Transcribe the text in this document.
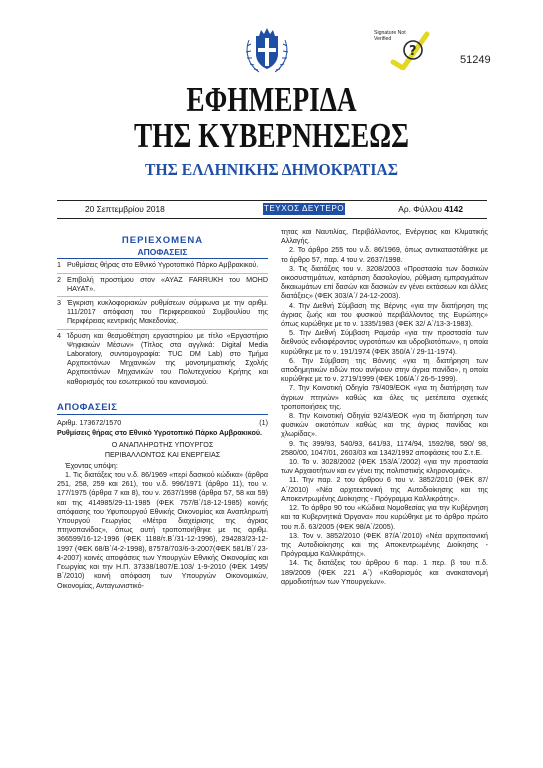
?
Signature Not
Verified
51249
ΕΦΗΜΕΡΙΔΑ
ΤΗΣ ΚΥΒΕΡΝΗΣΕΩΣ
ΤΗΣ ΕΛΛΗΝΙΚΗΣ ΔΗΜΟΚΡΑΤΙΑΣ
20 Σεπτεμβρίου 2018	ΤΕΥΧΟΣ ΔΕΥΤΕΡΟ	Αρ. Φύλλου 4142
ΠΕΡΙΕΧΟΜΕΝΑ
ΑΠΟΦΑΣΕΙΣ
1 Ρυθμίσεις θήρας στο Εθνικό Υγροτοπικό Πάρκο Αμβρακικού.
2 Επιβολή προστίμου στον «AYAZ FARRUKH του MOHD HAYAT».
3 Έγκριση κυκλοφοριακών ρυθμίσεων σύμφωνα με την αριθμ. 111/2017 απόφαση του Περιφερειακού Συμβουλίου της Περιφέρειας κεντρικής Μακεδονίας.
4 Ίδρυση και θεσμοθέτηση εργαστηρίου με τίτλο «Εργαστήριο Ψηφιακών Μέσων» (Τίτλος στα αγγλικά: Digital Media Laboratory, συντομογραφία: TUC DM Lab) στο Τμήμα Αρχιτεκτόνων Μηχανικών της μονοτμηματικής Σχολής Αρχιτεκτόνων Μηχανικών του Πολυτεχνείου Κρήτης και καθορισμός του εσωτερικού του κανονισμού.
ΑΠΟΦΑΣΕΙΣ
Αριθμ. 173672/1570	(1)
Ρυθμίσεις θήρας στο Εθνικό Υγροτοπικό Πάρκο Αμβρακικού.
Ο ΑΝΑΠΛΗΡΩΤΗΣ ΥΠΟΥΡΓΟΣ
ΠΕΡΙΒΑΛΛΟΝΤΟΣ ΚΑΙ ΕΝΕΡΓΕΙΑΣ
Έχοντας υπόψη:
1. Τις διατάξεις του ν.δ. 86/1969 «περί δασικού κώδικα» (άρθρα 251, 258, 259 και 261), του ν.δ. 996/1971 (άρθρο 11), του ν. 177/1975 (άρθρα 7 και 8), του ν. 2637/1998 (άρθρα 57, 58 και 59) και της 414985/29-11-1985 (ΦΕΚ 757/Β΄/18-12-1985) κοινής απόφασης του Υφυπουργού Εθνικής Οικονομίας και Αναπληρωτή Υπουργού Γεωργίας «Μέτρα διαχείρισης της άγριας πτηνοπανίδας», όπως αυτή τροποποιήθηκε με τις αριθμ. 366599/16-12-1996 (ΦΕΚ 1188/τ.Β΄/31-12-1996), 294283/23-12-1997 (ΦΕΚ 68/Β΄/4-2-1998), 87578/703/6-3-2007(ΦΕΚ 581/Β΄/ 23-4-2007) κοινές αποφάσεις των Υπουργών Εθνικής Οικονομίας και Γεωργίας και την Η.Π. 37338/1807/Ε.103/ 1-9-2010 (ΦΕΚ 1495/Β΄/2010) κοινή απόφαση των Υπουργών Οικονομικών, Οικονομίας, Ανταγωνιστικό-
τητας και Ναυτιλίας, Περιβάλλοντος, Ενέργειας και Κλιματικής Αλλαγής.
2. Το άρθρο 255 του ν.δ. 86/1969, όπως αντικαταστάθηκε με το άρθρο 57, παρ. 4 του ν. 2637/1998.
3. Τις διατάξεις του ν. 3208/2003 «Προστασία των δασικών οικοσυστημάτων, κατάρτιση δασολογίου, ρύθμιση εμπραγμάτων δικαιωμάτων επί δασών και δασικών εν γένει εκτάσεων και άλλες διατάξεις» (ΦΕΚ 303/Α΄/ 24-12-2003).
4. Την Διεθνή Σύμβαση της Βέρνης «για την διατήρηση της άγριας ζωής και του φυσικού περιβάλλοντος της Ευρώπης» όπως κυρώθηκε με το ν. 1335/1983 (ΦΕΚ 32/ Α΄/13-3-1983).
5. Την Διεθνή Σύμβαση Ραμσάρ «για την προστασία των διεθνούς ενδιαφέροντος υγροτόπων και υδροβιοτόπων», η οποία κυρώθηκε με το ν. 191/1974 (ΦΕΚ 350/Α΄/ 29-11-1974).
6. Την Σύμβαση της Βόννης «για τη διατήρηση των αποδημητικών ειδών που ανήκουν στην άγρια πανίδα», η οποία κυρώθηκε με το ν. 2719/1999 (ΦΕΚ 106/Α΄/ 26-5-1999).
7. Την Κοινοτική Οδηγία 79/409/ΕΟΚ «για τη διατήρηση των άγριων πτηνών» καθώς και όλες τις μετέπειτα σχετικές τροποποιήσεις της.
8. Την Κοινοτική Οδηγία 92/43/ΕΟΚ «για τη διατήρηση των φυσικών οικοτόπων καθώς και της άγριας πανίδας και χλωρίδας».
9. Τις 399/93, 540/93, 641/93, 1174/94, 1592/98, 590/ 98, 2580/00, 1047/01, 2603/03 και 1342/1992 αποφάσεις του Σ.τ.Ε.
10. Το ν. 3028/2002 (ΦΕΚ 153/Α΄/2002) «για την προστασία των Αρχαιοτήτων και εν γένει της πολιτιστικής κληρονομιάς».
11. Την παρ. 2 του άρθρου 6 του ν. 3852/2010 (ΦΕΚ 87/ Α΄/2010) «Νέα αρχιτεκτονική της Αυτοδιοίκησης και της Αποκεντρωμένης Διοίκησης - Πρόγραμμα Καλλικράτης».
12. Το άρθρο 90 του «Κώδικα Νομοθεσίας για την Κυβέρνηση και τα Κυβερνητικά Όργανα» που κυρώθηκε με το άρθρο πρώτο του π.δ. 63/2005 (ΦΕΚ 98/Α΄/2005).
13. Τον ν. 3852/2010 (ΦΕΚ 87/Α΄/2010) «Νέα αρχιτεκτονική της Αυτοδιοίκησης και της Αποκεντρωμένης Διοίκησης - Πρόγραμμα Καλλικράτης».
14. Τις διατάξεις του άρθρου 6 παρ. 1 περ. β του π.δ. 189/2009 (ΦΕΚ 221 Α΄) «Καθορισμός και ανακατανομή αρμοδιοτήτων των Υπουργείων».
